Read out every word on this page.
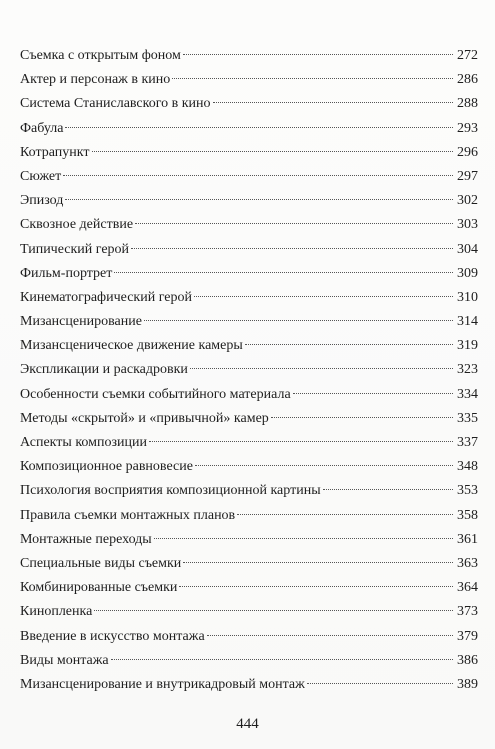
Съемка с открытым фоном	272
Актер и персонаж в кино	286
Система Станиславского в кино	288
Фабула	293
Котрапункт	296
Сюжет	297
Эпизод	302
Сквозное действие	303
Типический герой	304
Фильм-портрет	309
Кинематографический герой	310
Мизансценирование	314
Мизансценическое движение камеры	319
Экспликации и раскадровки	323
Особенности съемки событийного материала	334
Методы «скрытой» и «привычной» камер	335
Аспекты композиции	337
Композиционное равновесие	348
Психология восприятия композиционной картины	353
Правила съемки монтажных планов	358
Монтажные переходы	361
Специальные виды съемки	363
Комбинированные съемки	364
Кинопленка	373
Введение в искусство монтажа	379
Виды монтажа	386
Мизансценирование и внутрикадровый монтаж	389
444
